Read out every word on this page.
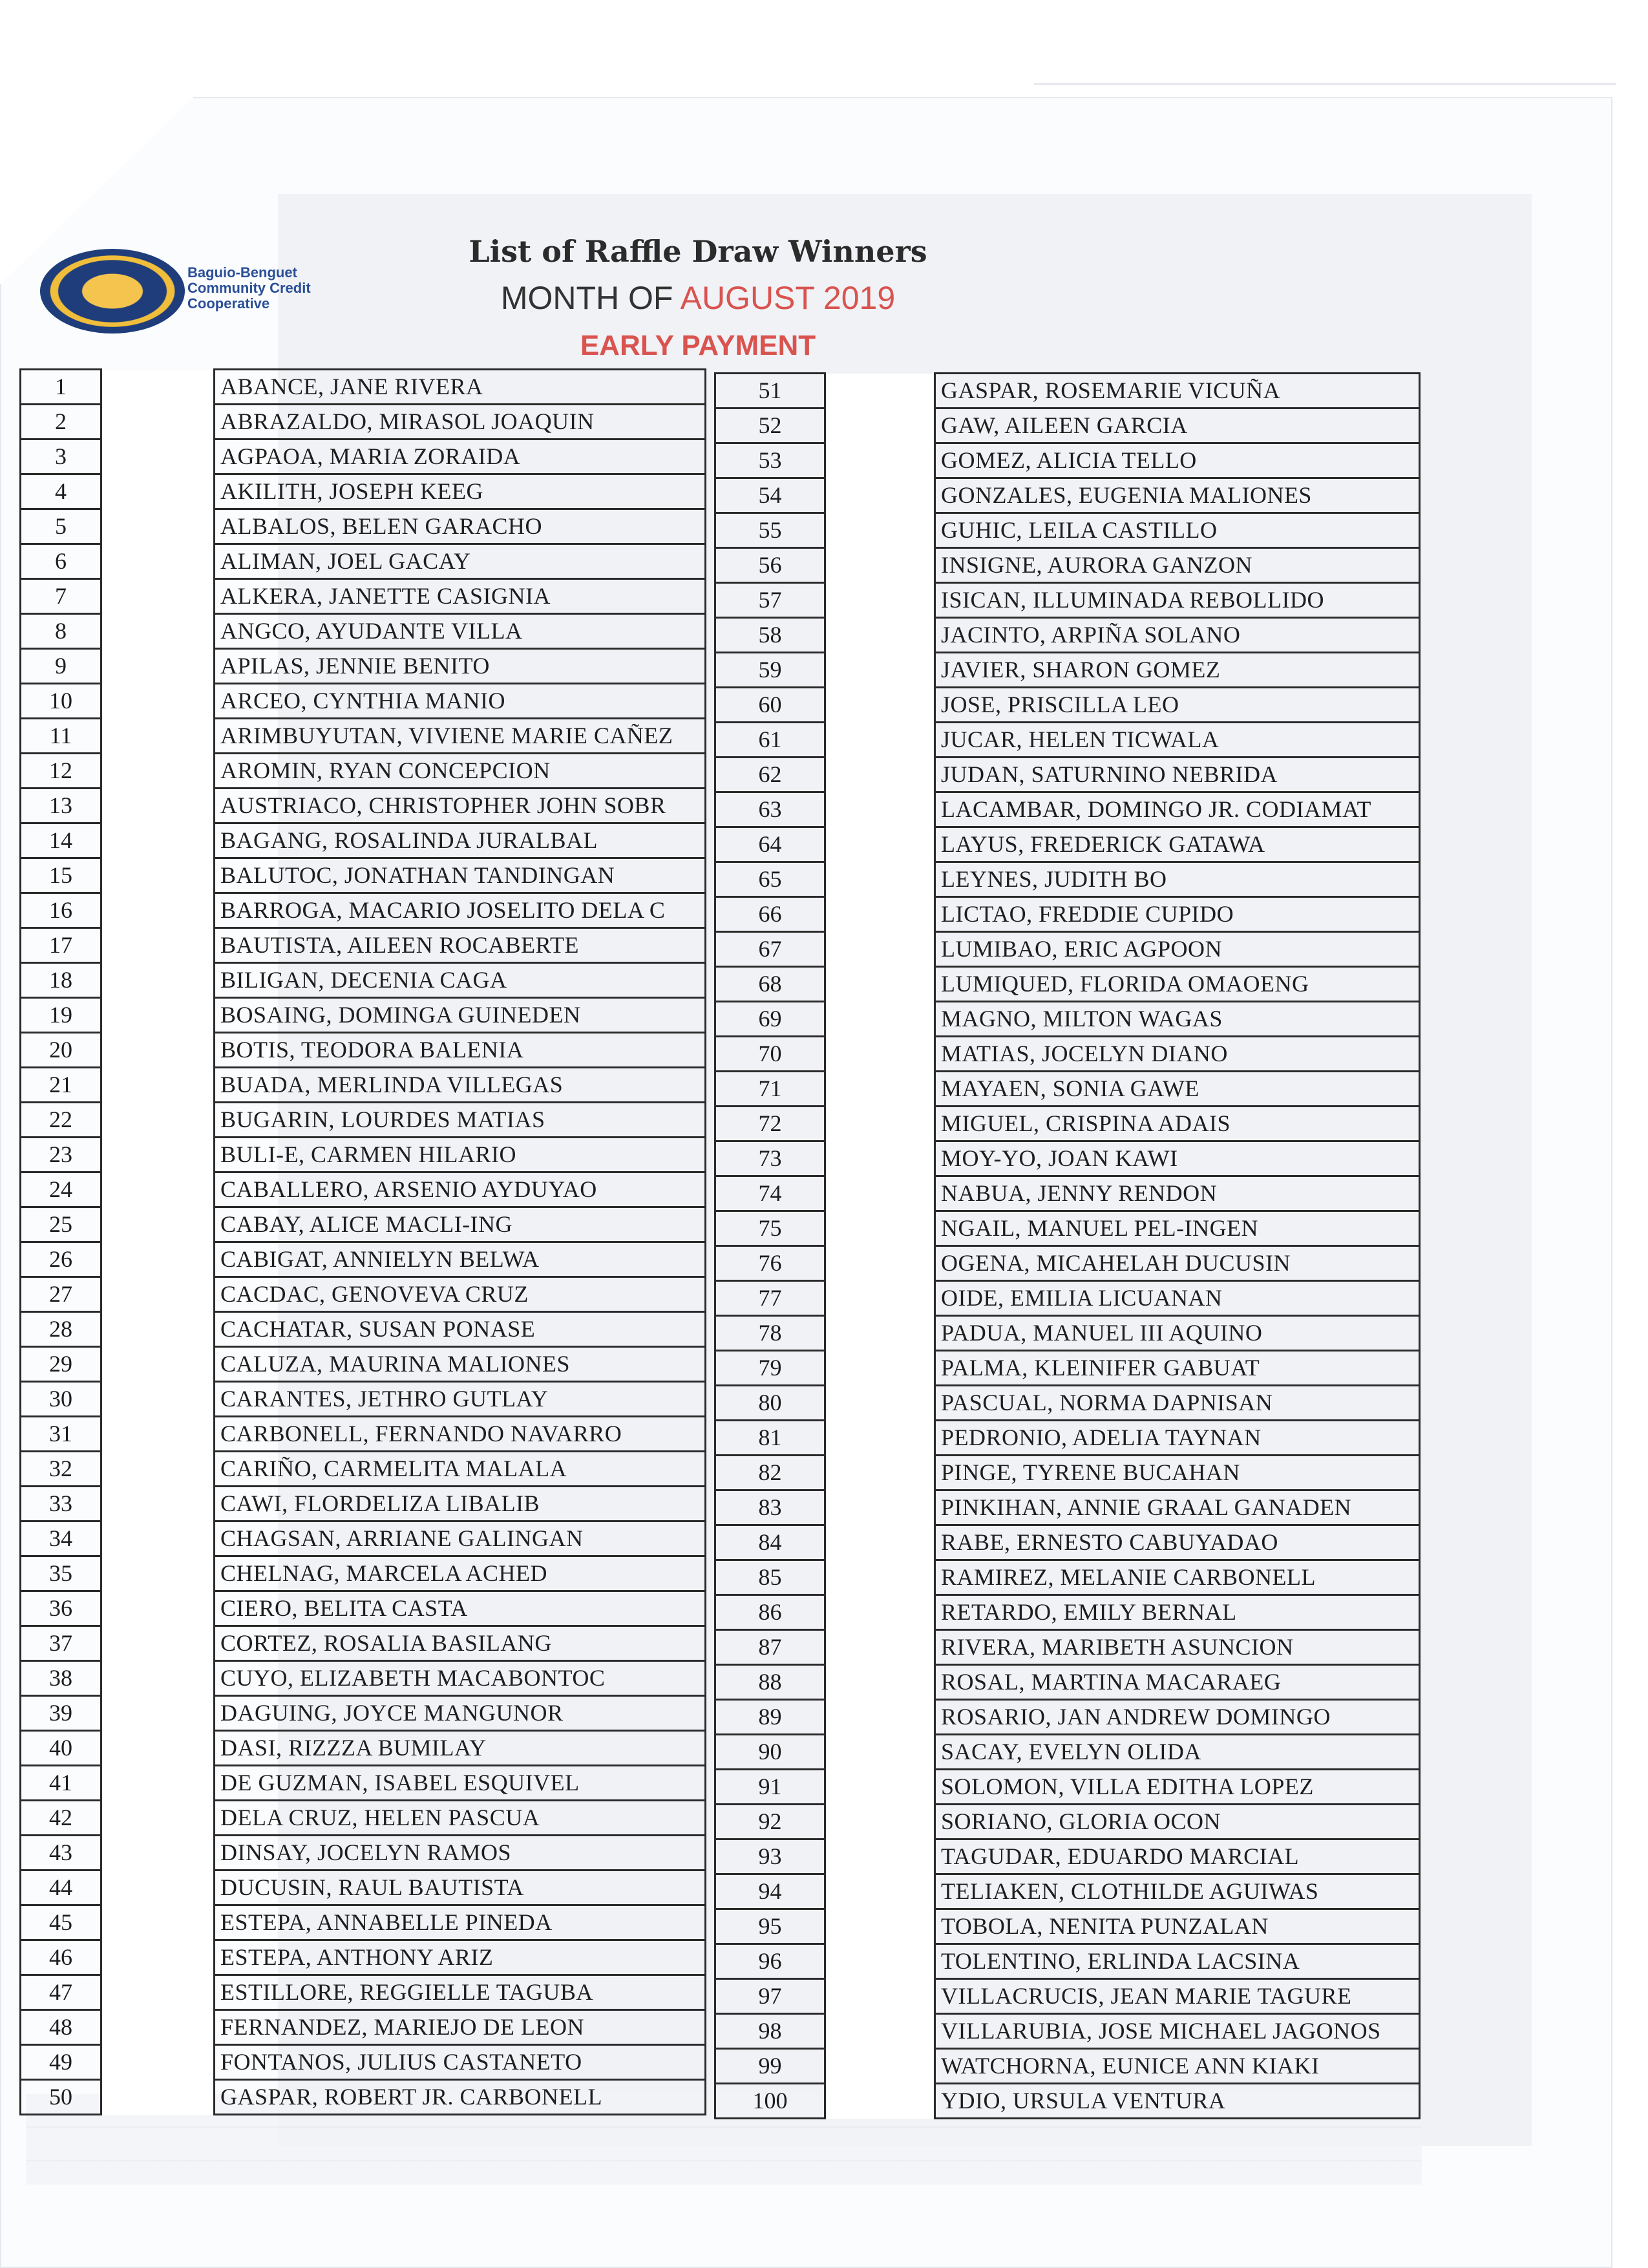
Baguio-Benguet
Community Credit
Cooperative
List of Raffle Draw Winners
MONTH OF AUGUST 2019
EARLY PAYMENT
1		ABANCE, JANE RIVERA
2		ABRAZALDO, MIRASOL JOAQUIN
3		AGPAOA, MARIA ZORAIDA
4		AKILITH, JOSEPH KEEG
5		ALBALOS, BELEN GARACHO
6		ALIMAN, JOEL GACAY
7		ALKERA, JANETTE CASIGNIA
8		ANGCO, AYUDANTE VILLA
9		APILAS, JENNIE BENITO
10		ARCEO, CYNTHIA MANIO
11		ARIMBUYUTAN, VIVIENE MARIE CAÑEZ
12		AROMIN, RYAN CONCEPCION
13		AUSTRIACO, CHRISTOPHER JOHN SOBR
14		BAGANG, ROSALINDA JURALBAL
15		BALUTOC, JONATHAN TANDINGAN
16		BARROGA, MACARIO JOSELITO DELA C
17		BAUTISTA, AILEEN ROCABERTE
18		BILIGAN, DECENIA CAGA
19		BOSAING, DOMINGA GUINEDEN
20		BOTIS, TEODORA BALENIA
21		BUADA, MERLINDA VILLEGAS
22		BUGARIN, LOURDES MATIAS
23		BULI-E, CARMEN HILARIO
24		CABALLERO, ARSENIO AYDUYAO
25		CABAY, ALICE MACLI-ING
26		CABIGAT, ANNIELYN BELWA
27		CACDAC, GENOVEVA CRUZ
28		CACHATAR, SUSAN PONASE
29		CALUZA, MAURINA MALIONES
30		CARANTES, JETHRO GUTLAY
31		CARBONELL, FERNANDO NAVARRO
32		CARIÑO, CARMELITA MALALA
33		CAWI, FLORDELIZA LIBALIB
34		CHAGSAN, ARRIANE GALINGAN
35		CHELNAG, MARCELA ACHED
36		CIERO, BELITA CASTA
37		CORTEZ, ROSALIA BASILANG
38		CUYO, ELIZABETH MACABONTOC
39		DAGUING, JOYCE MANGUNOR
40		DASI, RIZZZA BUMILAY
41		DE GUZMAN, ISABEL ESQUIVEL
42		DELA CRUZ, HELEN PASCUA
43		DINSAY, JOCELYN RAMOS
44		DUCUSIN, RAUL BAUTISTA
45		ESTEPA, ANNABELLE PINEDA
46		ESTEPA, ANTHONY ARIZ
47		ESTILLORE, REGGIELLE TAGUBA
48		FERNANDEZ, MARIEJO DE LEON
49		FONTANOS, JULIUS CASTANETO
50		GASPAR, ROBERT JR. CARBONELL
51		GASPAR, ROSEMARIE VICUÑA
52		GAW, AILEEN GARCIA
53		GOMEZ, ALICIA TELLO
54		GONZALES, EUGENIA MALIONES
55		GUHIC, LEILA CASTILLO
56		INSIGNE, AURORA GANZON
57		ISICAN, ILLUMINADA REBOLLIDO
58		JACINTO, ARPIÑA SOLANO
59		JAVIER, SHARON GOMEZ
60		JOSE, PRISCILLA LEO
61		JUCAR, HELEN TICWALA
62		JUDAN, SATURNINO NEBRIDA
63		LACAMBAR, DOMINGO JR. CODIAMAT
64		LAYUS, FREDERICK GATAWA
65		LEYNES, JUDITH BO
66		LICTAO, FREDDIE CUPIDO
67		LUMIBAO, ERIC AGPOON
68		LUMIQUED, FLORIDA OMAOENG
69		MAGNO, MILTON WAGAS
70		MATIAS, JOCELYN DIANO
71		MAYAEN, SONIA GAWE
72		MIGUEL, CRISPINA ADAIS
73		MOY-YO, JOAN KAWI
74		NABUA, JENNY RENDON
75		NGAIL, MANUEL PEL-INGEN
76		OGENA, MICAHELAH DUCUSIN
77		OIDE, EMILIA LICUANAN
78		PADUA, MANUEL III AQUINO
79		PALMA, KLEINIFER GABUAT
80		PASCUAL, NORMA DAPNISAN
81		PEDRONIO, ADELIA TAYNAN
82		PINGE, TYRENE BUCAHAN
83		PINKIHAN, ANNIE GRAAL GANADEN
84		RABE, ERNESTO CABUYADAO
85		RAMIREZ, MELANIE CARBONELL
86		RETARDO, EMILY BERNAL
87		RIVERA, MARIBETH ASUNCION
88		ROSAL, MARTINA MACARAEG
89		ROSARIO, JAN ANDREW DOMINGO
90		SACAY, EVELYN OLIDA
91		SOLOMON, VILLA EDITHA LOPEZ
92		SORIANO, GLORIA OCON
93		TAGUDAR, EDUARDO MARCIAL
94		TELIAKEN, CLOTHILDE AGUIWAS
95		TOBOLA, NENITA PUNZALAN
96		TOLENTINO, ERLINDA LACSINA
97		VILLACRUCIS, JEAN MARIE TAGURE
98		VILLARUBIA, JOSE MICHAEL JAGONOS
99		WATCHORNA, EUNICE ANN KIAKI
100		YDIO, URSULA VENTURA
